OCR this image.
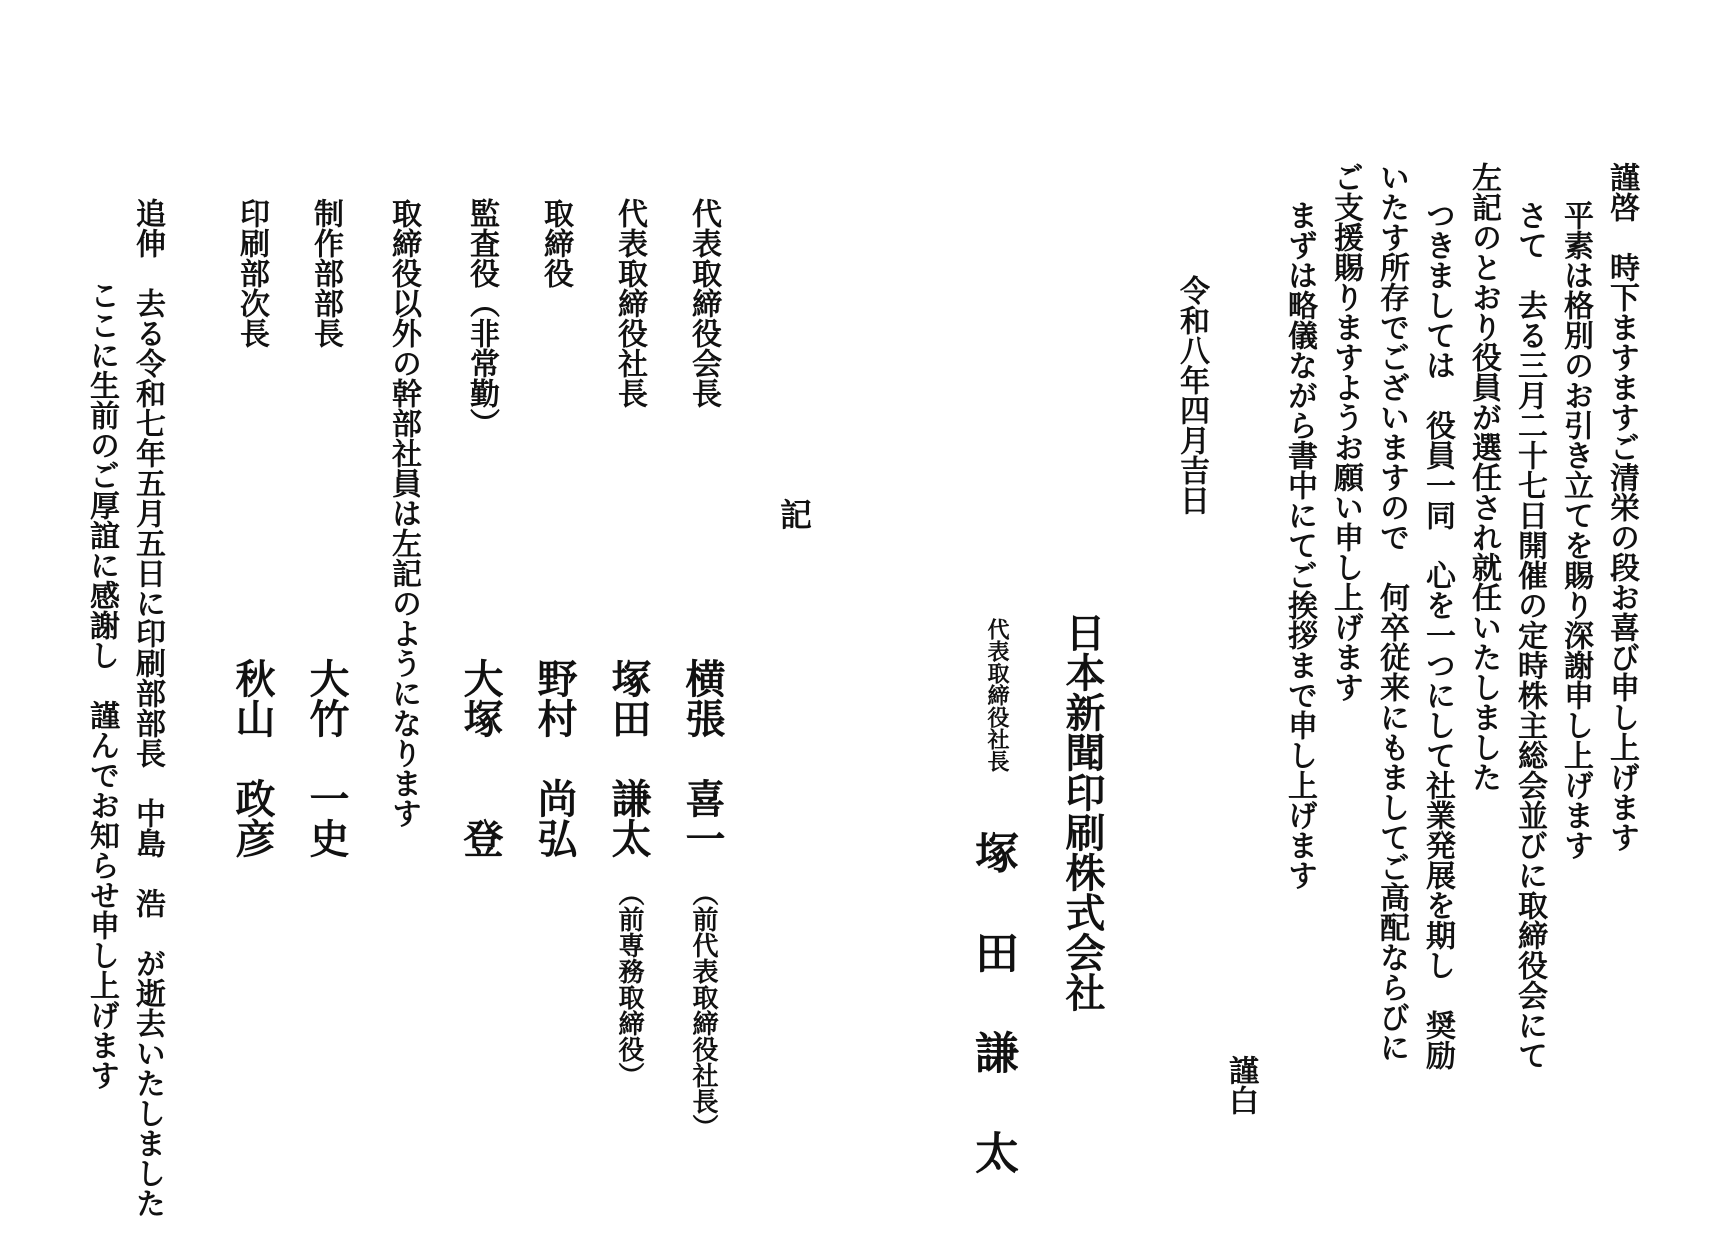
謹啓　時下ますますご清栄の段お喜び申し上げます
平素は格別のお引き立てを賜り深謝申し上げます
さて　去る三月二十七日開催の定時株主総会並びに取締役会にて
左記のとおり役員が選任され就任いたしました
つきましては　役員一同　心を一つにして社業発展を期し　奨励
いたす所存でございますので　何卒従来にもましてご高配ならびに
ご支援賜りますようお願い申し上げます
まずは略儀ながら書中にてご挨拶まで申し上げます
謹白
令和八年四月吉日
日本新聞印刷株式会社
代表取締役社長
塚田謙太
記
代表取締役会長
横張　喜一
（前代表取締役社長）
代表取締役社長
塚田　謙太
（前専務取締役）
取締役
野村　尚弘
監査役（非常勤）
大塚　　登
取締役以外の幹部社員は左記のようになります
制作部部長
大竹　一史
印刷部次長
秋山　政彦
追伸　去る令和七年五月五日に印刷部部長　中島　浩　が逝去いたしました
ここに生前のご厚誼に感謝し　謹んでお知らせ申し上げます
